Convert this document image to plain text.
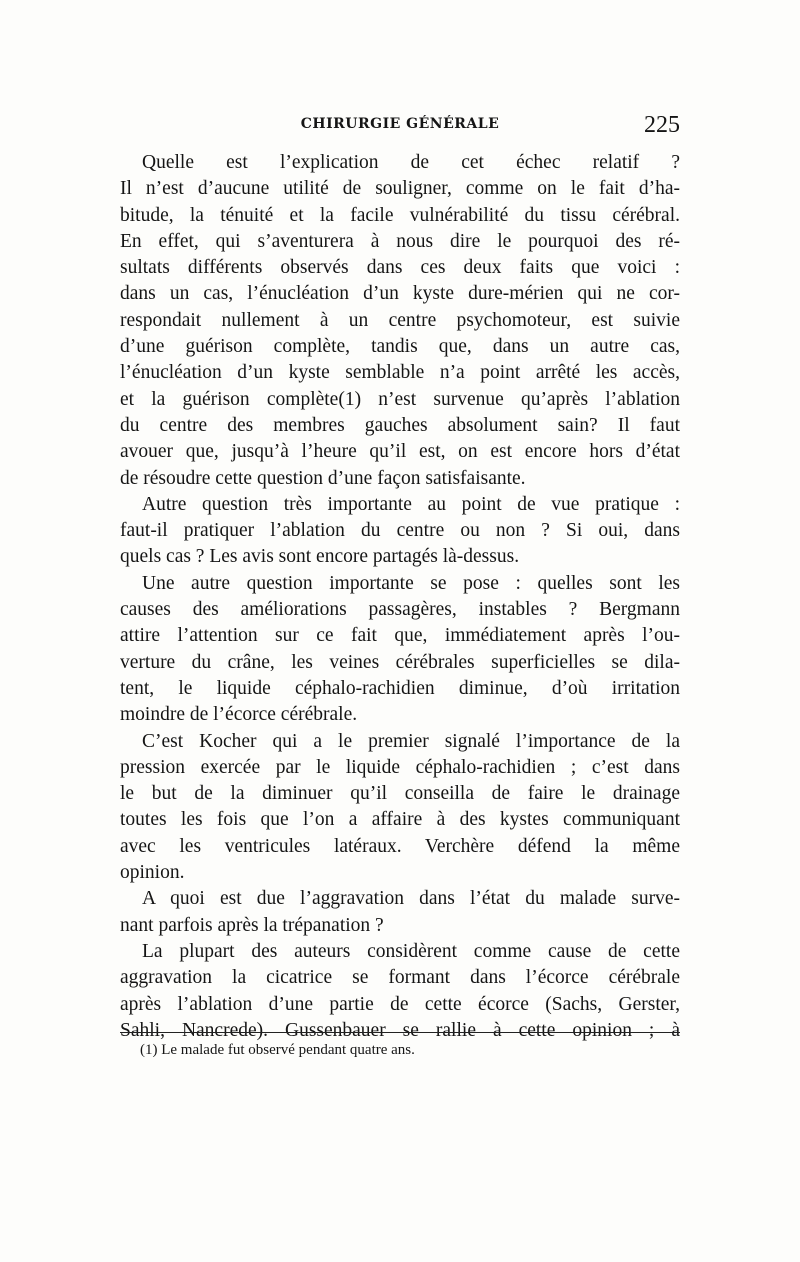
CHIRURGIE GÉNÉRALE	225
Quelle est l’explication de cet échec relatif ?
Il n’est d’aucune utilité de souligner, comme on le fait d’ha-
bitude, la ténuité et la facile vulnérabilité du tissu cérébral.
En effet, qui s’aventurera à nous dire le pourquoi des ré-
sultats différents observés dans ces deux faits que voici :
dans un cas, l’énucléation d’un kyste dure-mérien qui ne cor-
respondait nullement à un centre psychomoteur, est suivie
d’une guérison complète, tandis que, dans un autre cas,
l’énucléation d’un kyste semblable n’a point arrêté les accès,
et la guérison complète(1) n’est survenue qu’après l’ablation
du centre des membres gauches absolument sain? Il faut
avouer que, jusqu’à l’heure qu’il est, on est encore hors d’état
de résoudre cette question d’une façon satisfaisante.
Autre question très importante au point de vue pratique :
faut-il pratiquer l’ablation du centre ou non ? Si oui, dans
quels cas ? Les avis sont encore partagés là-dessus.
Une autre question importante se pose : quelles sont les
causes des améliorations passagères, instables ? Bergmann
attire l’attention sur ce fait que, immédiatement après l’ou-
verture du crâne, les veines cérébrales superficielles se dila-
tent, le liquide céphalo-rachidien diminue, d’où irritation
moindre de l’écorce cérébrale.
C’est Kocher qui a le premier signalé l’importance de la
pression exercée par le liquide céphalo-rachidien ; c’est dans
le but de la diminuer qu’il conseilla de faire le drainage
toutes les fois que l’on a affaire à des kystes communiquant
avec les ventricules latéraux. Verchère défend la même
opinion.
A quoi est due l’aggravation dans l’état du malade surve-
nant parfois après la trépanation ?
La plupart des auteurs considèrent comme cause de cette
aggravation la cicatrice se formant dans l’écorce cérébrale
après l’ablation d’une partie de cette écorce (Sachs, Gerster,
Sahli, Nancrede). Gussenbauer se rallie à cette opinion ; à
(1) Le malade fut observé pendant quatre ans.
